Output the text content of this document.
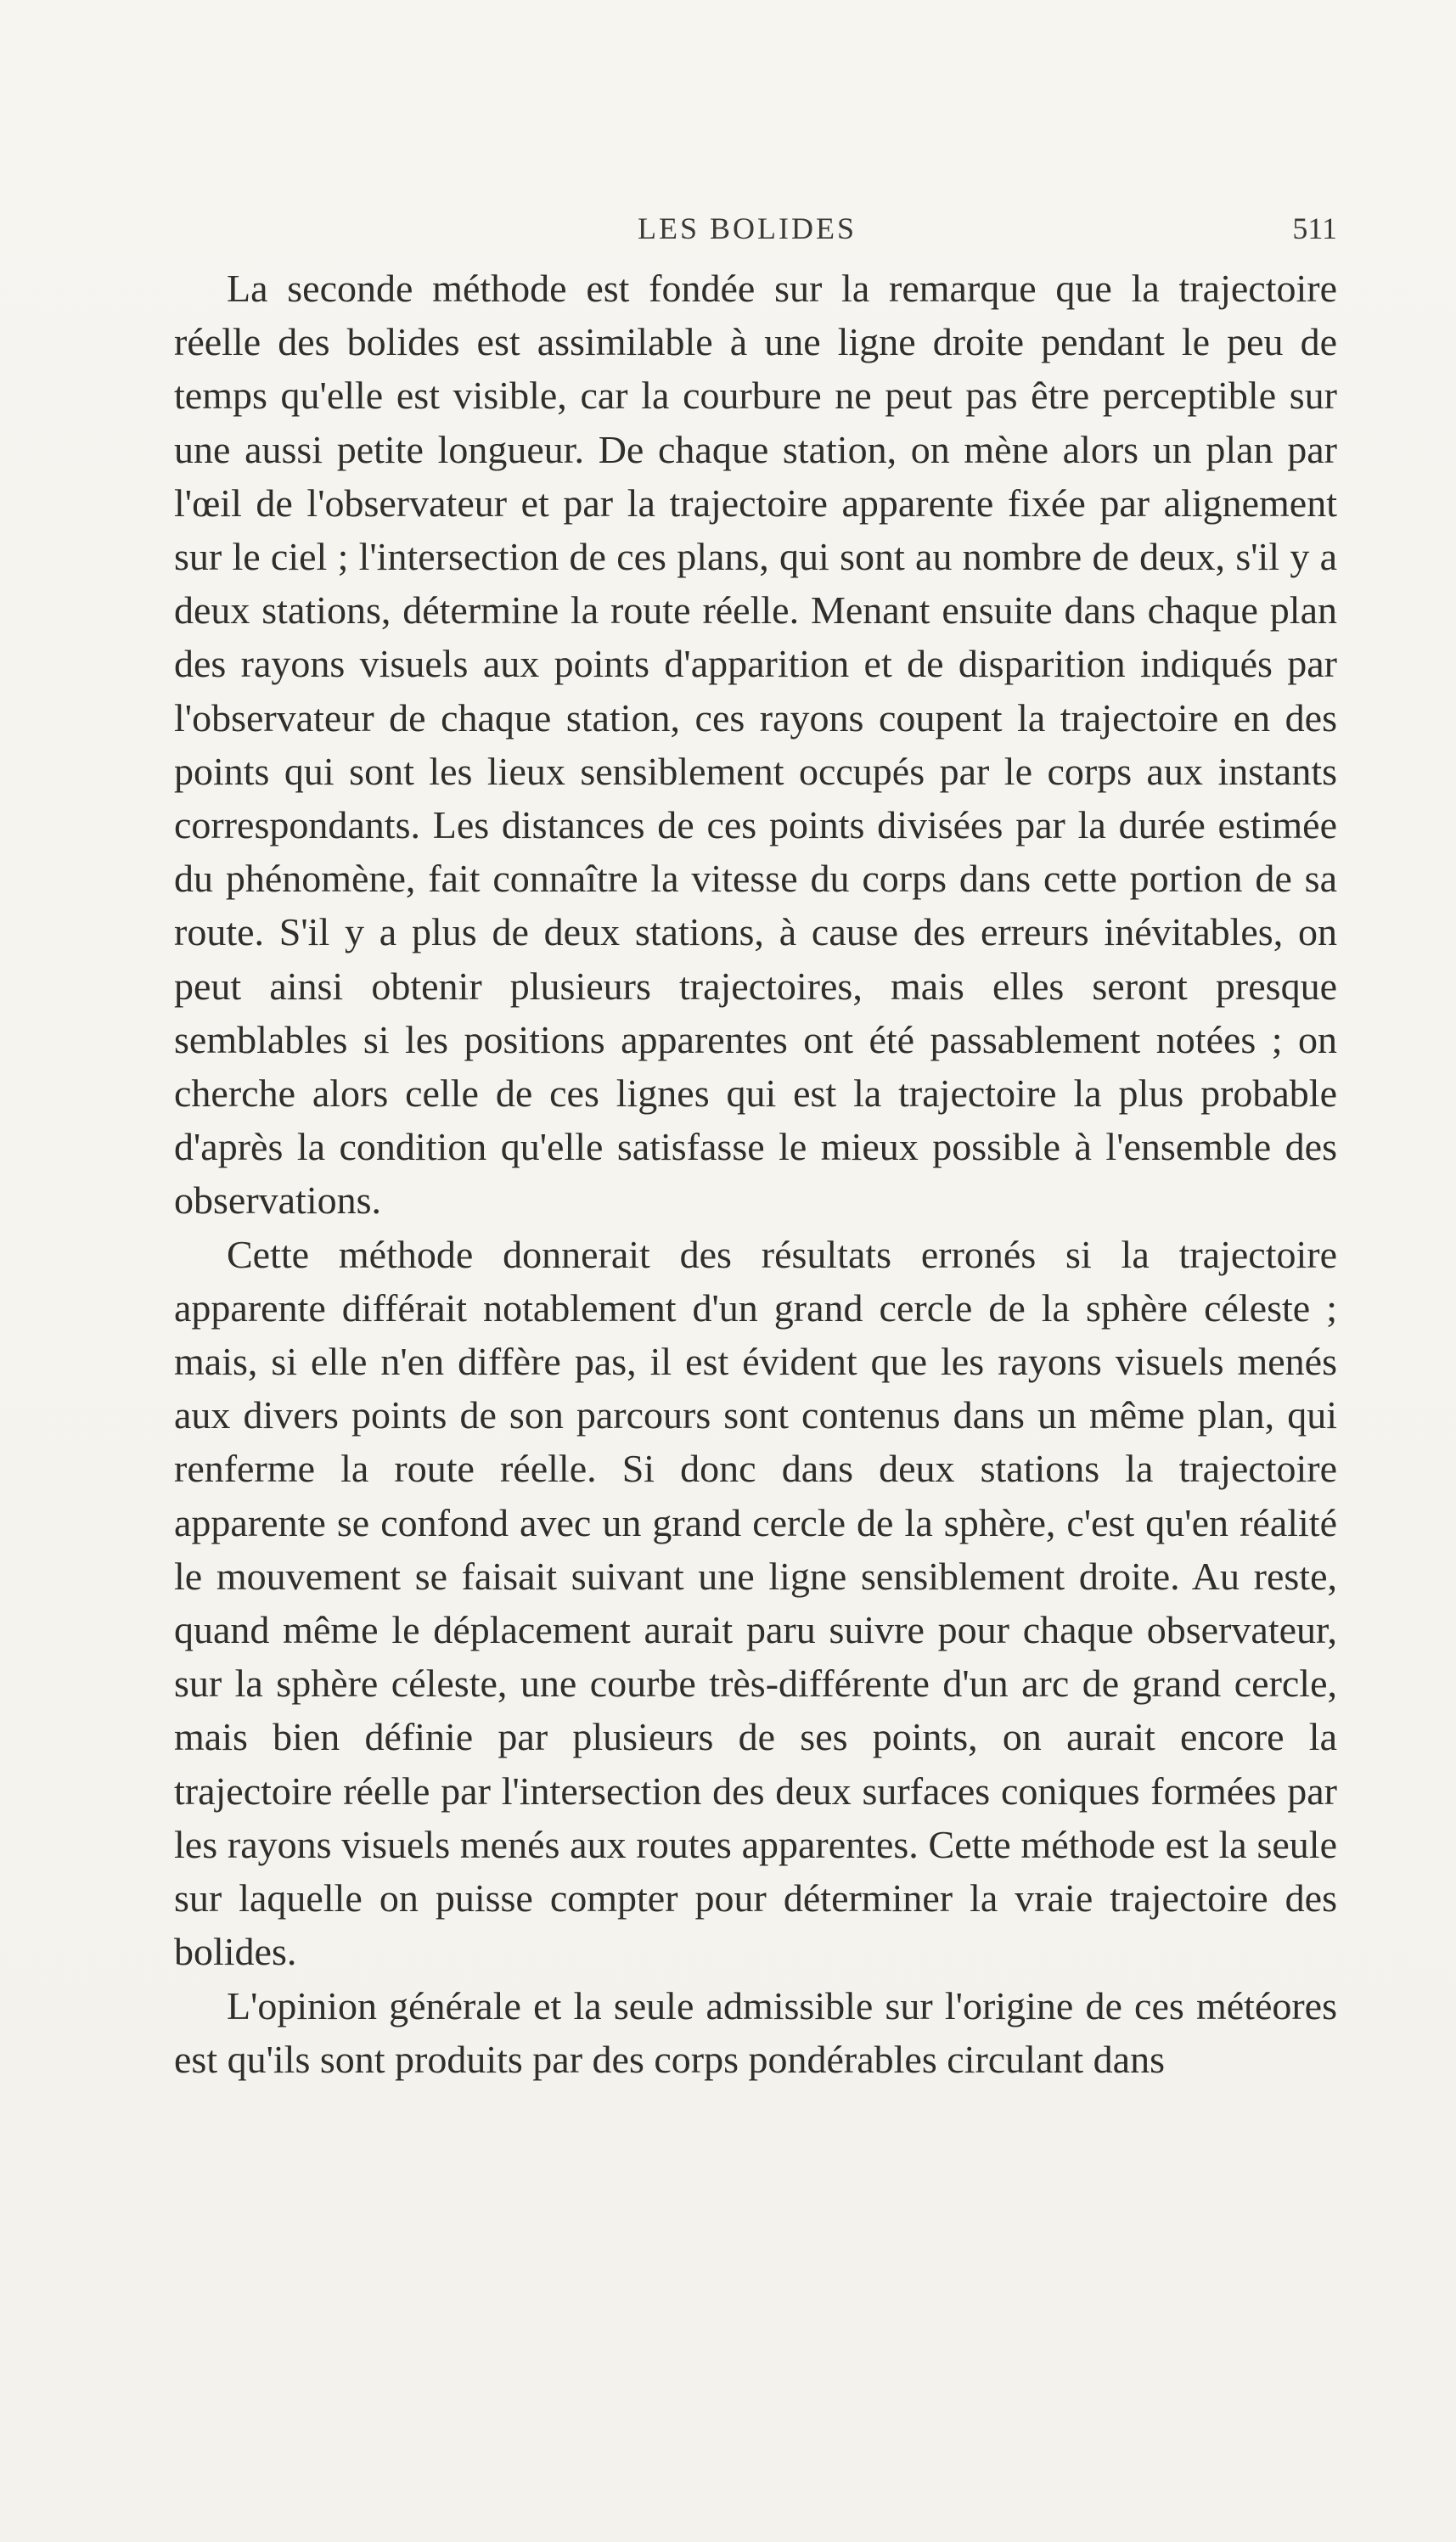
LES BOLIDES	511

La seconde méthode est fondée sur la remarque que la trajectoire réelle des bolides est assimilable à une ligne droite pendant le peu de temps qu'elle est visible, car la courbure ne peut pas être perceptible sur une aussi petite longueur. De chaque station, on mène alors un plan par l'œil de l'observateur et par la trajectoire apparente fixée par alignement sur le ciel ; l'intersection de ces plans, qui sont au nombre de deux, s'il y a deux stations, détermine la route réelle. Menant ensuite dans chaque plan des rayons visuels aux points d'apparition et de disparition indiqués par l'observateur de chaque station, ces rayons coupent la trajectoire en des points qui sont les lieux sensiblement occupés par le corps aux instants correspondants. Les distances de ces points divisées par la durée estimée du phénomène, fait connaître la vitesse du corps dans cette portion de sa route. S'il y a plus de deux stations, à cause des erreurs inévitables, on peut ainsi obtenir plusieurs trajectoires, mais elles seront presque semblables si les positions apparentes ont été passablement notées ; on cherche alors celle de ces lignes qui est la trajectoire la plus probable d'après la condition qu'elle satisfasse le mieux possible à l'ensemble des observations.

Cette méthode donnerait des résultats erronés si la trajectoire apparente différait notablement d'un grand cercle de la sphère céleste ; mais, si elle n'en diffère pas, il est évident que les rayons visuels menés aux divers points de son parcours sont contenus dans un même plan, qui renferme la route réelle. Si donc dans deux stations la trajectoire apparente se confond avec un grand cercle de la sphère, c'est qu'en réalité le mouvement se faisait suivant une ligne sensiblement droite. Au reste, quand même le déplacement aurait paru suivre pour chaque observateur, sur la sphère céleste, une courbe très-différente d'un arc de grand cercle, mais bien définie par plusieurs de ses points, on aurait encore la trajectoire réelle par l'intersection des deux surfaces coniques formées par les rayons visuels menés aux routes apparentes. Cette méthode est la seule sur laquelle on puisse compter pour déterminer la vraie trajectoire des bolides.

L'opinion générale et la seule admissible sur l'origine de ces météores est qu'ils sont produits par des corps pondérables circulant dans
